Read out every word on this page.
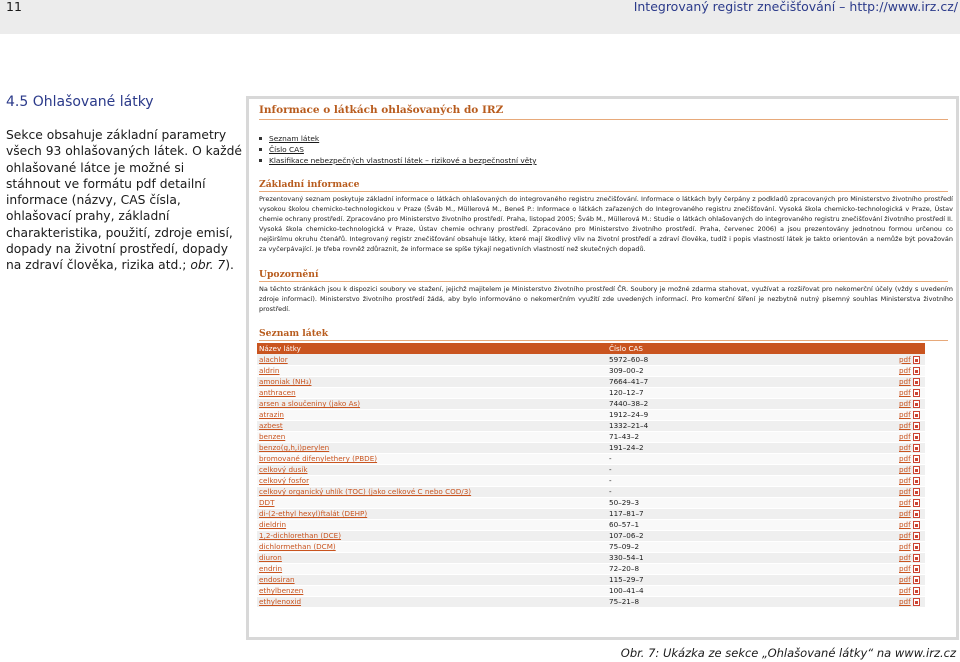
11	Integrovaný registr znečišťování – http://www.irz.cz/
4.5 Ohlašované látky

Sekce obsahuje základní parametry všech 93 ohlašovaných látek. O každé ohlašované látce je možné si stáhnout ve formátu pdf detailní informace (názvy, CAS čísla, ohlašovací prahy, základní charakteristika, použití, zdroje emisí, dopady na životní prostředí, dopady na zdraví člověka, rizika atd.; obr. 7).

Informace o látkách ohlašovaných do IRZ
Seznam látek
Číslo CAS
Klasifikace nebezpečných vlastností látek – rizikové a bezpečnostní věty
Základní informace

Prezentovaný seznam poskytuje základní informace o látkách ohlašovaných do integrovaného registru znečišťování. Informace o látkách byly čerpány z podkladů zpracovaných pro Ministerstvo životního prostředí vysokou školou chemicko-technologickou v Praze (Šváb M., Müllerová M., Beneš P.: Informace o látkách zařazených do Integrovaného registru znečišťování. Vysoká škola chemicko-technologická v Praze, Ústav chemie ochrany prostředí. Zpracováno pro Ministerstvo životního prostředí. Praha, listopad 2005; Šváb M., Müllerová M.: Studie o látkách ohlašovaných do integrovaného registru znečišťování životního prostředí II. Vysoká škola chemicko-technologická v Praze, Ústav chemie ochrany prostředí. Zpracováno pro Ministerstvo životního prostředí. Praha, červenec 2006) a jsou prezentovány jednotnou formou určenou co nejširšímu okruhu čtenářů. Integrovaný registr znečišťování obsahuje látky, které mají škodlivý vliv na životní prostředí a zdraví člověka, tudíž i popis vlastností látek je takto orientován a nemůže být považován za vyčerpávající. Je třeba rovněž zdůraznit, že informace se spíše týkají negativních vlastností než skutečných dopadů.

Upozornění

Na těchto stránkách jsou k dispozici soubory ve stažení, jejichž majitelem je Ministerstvo životního prostředí ČR. Soubory je možné zdarma stahovat, využívat a rozšiřovat pro nekomerční účely (vždy s uvedením zdroje informací). Ministerstvo životního prostředí žádá, aby bylo informováno o nekomerčním využití zde uvedených informací. Pro komerční šíření je nezbytně nutný písemný souhlas Ministerstva životního prostředí.

Seznam látek
Název látky	Číslo CAS	
alachlor	5972–60–8	pdf
aldrin	309–00–2	pdf
amoniak (NH₃)	7664–41–7	pdf
anthracen	120–12–7	pdf
arsen a sloučeniny (jako As)	7440–38–2	pdf
atrazin	1912–24–9	pdf
azbest	1332–21–4	pdf
benzen	71–43–2	pdf
benzo(g,h,i)perylen	191–24–2	pdf
bromované difenylethery (PBDE)	-	pdf
celkový dusík	-	pdf
celkový fosfor	-	pdf
celkový organický uhlík (TOC) (jako celkové C nebo COD/3)	-	pdf
DDT	50–29–3	pdf
di-(2-ethyl hexyl)ftalát (DEHP)	117–81–7	pdf
dieldrin	60–57–1	pdf
1,2-dichlorethan (DCE)	107–06–2	pdf
dichlormethan (DCM)	75–09–2	pdf
diuron	330–54–1	pdf
endrin	72–20–8	pdf
endosiran	115–29–7	pdf
ethylbenzen	100–41–4	pdf
ethylenoxid	75–21–8	pdf
Obr. 7: Ukázka ze sekce „Ohlašované látky“ na www.irz.cz
